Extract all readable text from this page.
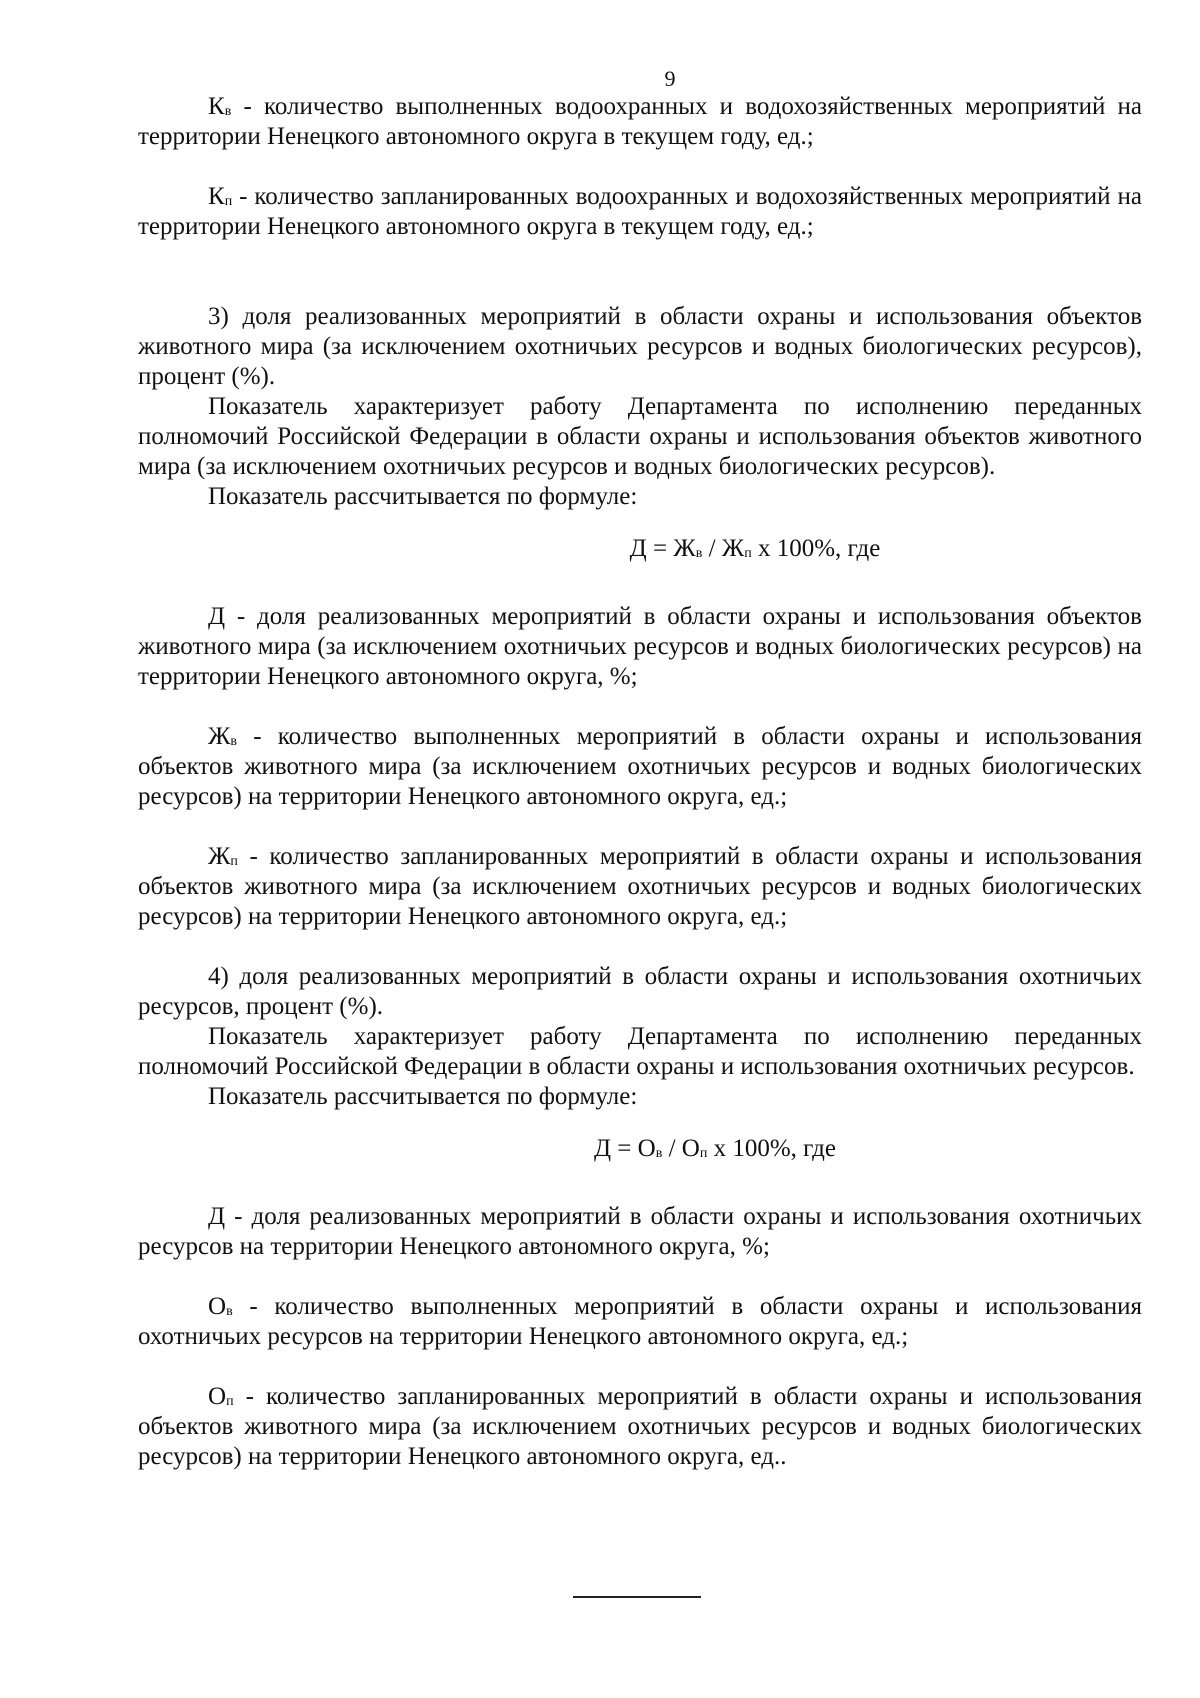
9

$К_в$ - количество выполненных водоохранных и водохозяйственных мероприятий на территории Ненецкого автономного округа в текущем году, ед.;

$К_п$ - количество запланированных водоохранных и водохозяйственных мероприятий на территории Ненецкого автономного округа в текущем году, ед.;

3) доля реализованных мероприятий в области охраны и использования объектов животного мира (за исключением охотничьих ресурсов и водных биологических ресурсов), процент (%).

Показатель характеризует работу Департамента по исполнению переданных полномочий Российской Федерации в области охраны и использования объектов животного мира (за исключением охотничьих ресурсов и водных биологических ресурсов).

Показатель рассчитывается по формуле:

$Д = Ж_в / Ж_п$ х 100%, где

Д - доля реализованных мероприятий в области охраны и использования объектов животного мира (за исключением охотничьих ресурсов и водных биологических ресурсов) на территории Ненецкого автономного округа, %;

$Ж_в$ - количество выполненных мероприятий в области охраны и использования объектов животного мира (за исключением охотничьих ресурсов и водных биологических ресурсов) на территории Ненецкого автономного округа, ед.;

$Ж_п$ - количество запланированных мероприятий в области охраны и использования объектов животного мира (за исключением охотничьих ресурсов и водных биологических ресурсов) на территории Ненецкого автономного округа, ед.;

4) доля реализованных мероприятий в области охраны и использования охотничьих ресурсов, процент (%).

Показатель характеризует работу Департамента по исполнению переданных полномочий Российской Федерации в области охраны и использования охотничьих ресурсов.

Показатель рассчитывается по формуле:

$Д = О_в / О_п$ х 100%, где

Д - доля реализованных мероприятий в области охраны и использования охотничьих ресурсов на территории Ненецкого автономного округа, %;

$О_в$ - количество выполненных мероприятий в области охраны и использования охотничьих ресурсов на территории Ненецкого автономного округа, ед.;

$О_п$ - количество запланированных мероприятий в области охраны и использования объектов животного мира (за исключением охотничьих ресурсов и водных биологических ресурсов) на территории Ненецкого автономного округа, ед..
